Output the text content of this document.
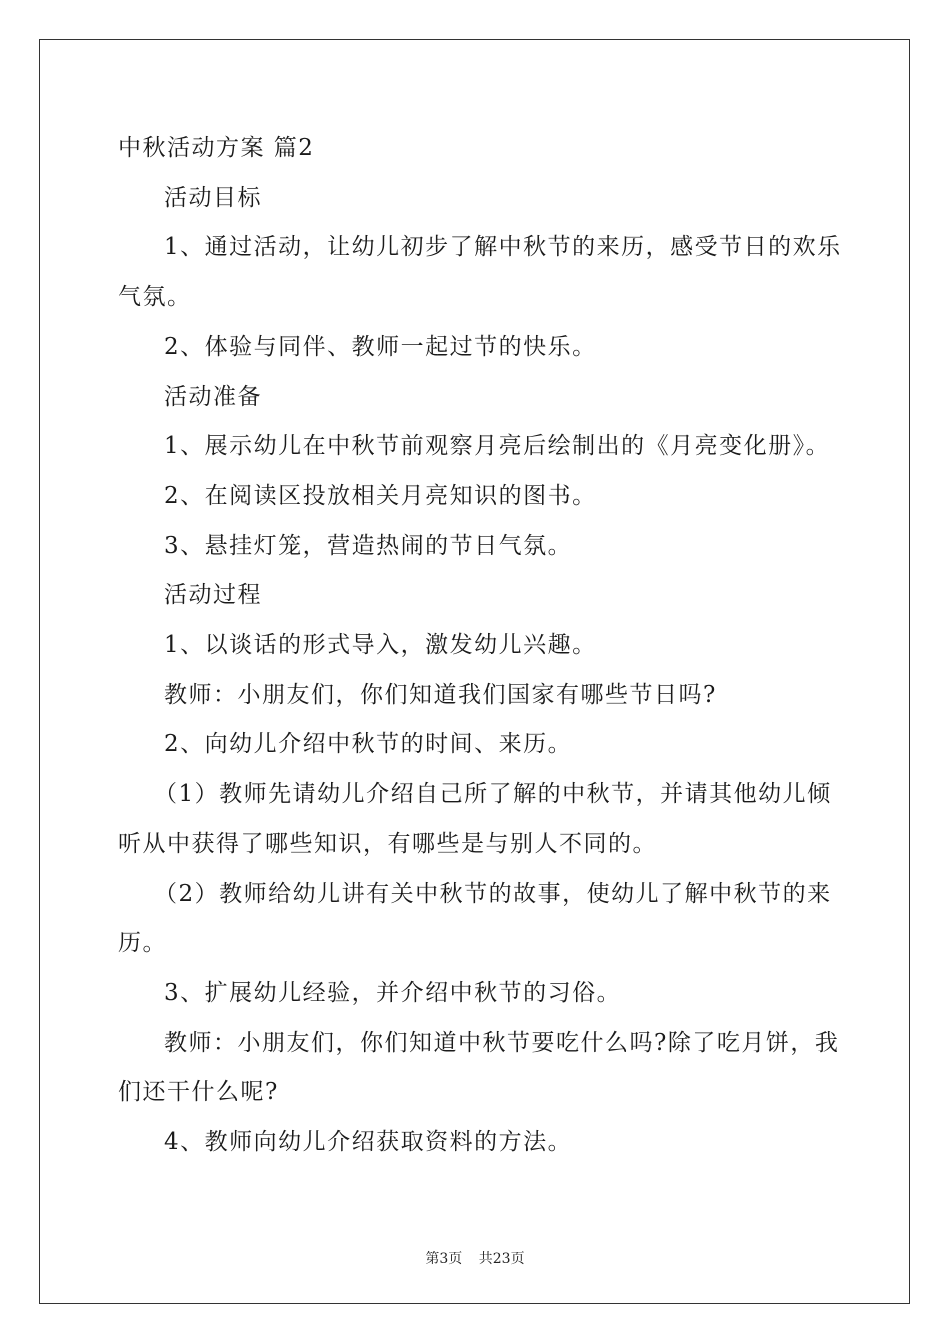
中秋活动方案 篇2

活动目标

1、通过活动，让幼儿初步了解中秋节的来历，感受节日的欢乐

气氛。

2、体验与同伴、教师一起过节的快乐。

活动准备

1、展示幼儿在中秋节前观察月亮后绘制出的《月亮变化册》。

2、在阅读区投放相关月亮知识的图书。

3、悬挂灯笼，营造热闹的节日气氛。

活动过程

1、以谈话的形式导入，激发幼儿兴趣。

教师：小朋友们，你们知道我们国家有哪些节日吗?

2、向幼儿介绍中秋节的时间、来历。

（1）教师先请幼儿介绍自己所了解的中秋节，并请其他幼儿倾

听从中获得了哪些知识，有哪些是与别人不同的。

（2）教师给幼儿讲有关中秋节的故事，使幼儿了解中秋节的来

历。

3、扩展幼儿经验，并介绍中秋节的习俗。

教师：小朋友们，你们知道中秋节要吃什么吗?除了吃月饼，我

们还干什么呢?

4、教师向幼儿介绍获取资料的方法。

第3页 共23页
